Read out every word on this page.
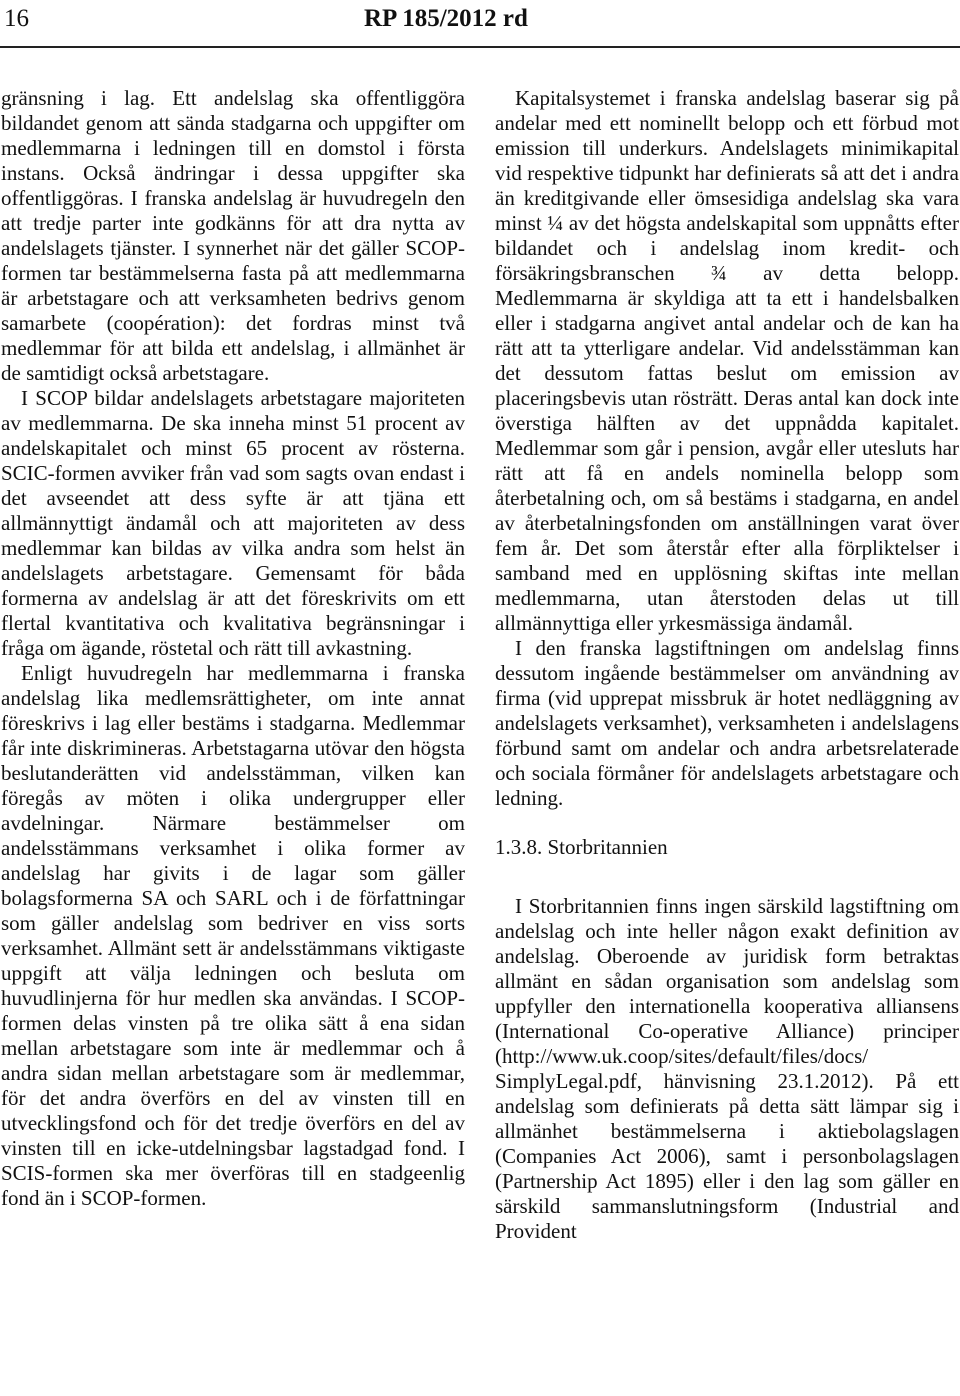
16	RP 185/2012 rd

gränsning i lag. Ett andelslag ska offentliggöra bildandet genom att sända stadgarna och uppgifter om medlemmarna i ledningen till en domstol i första instans. Också ändringar i dessa uppgifter ska offentliggöras. I franska andelslag är huvudregeln den att tredje parter inte godkänns för att dra nytta av andelslagets tjänster. I synnerhet när det gäller SCOP-formen tar bestämmelserna fasta på att medlemmarna är arbetstagare och att verksamheten bedrivs genom samarbete (coopération): det fordras minst två medlemmar för att bilda ett andelslag, i allmänhet är de samtidigt också arbetstagare.

I SCOP bildar andelslagets arbetstagare majoriteten av medlemmarna. De ska inneha minst 51 procent av andelskapitalet och minst 65 procent av rösterna. SCIC-formen avviker från vad som sagts ovan endast i det avseendet att dess syfte är att tjäna ett allmännyttigt ändamål och att majoriteten av dess medlemmar kan bildas av vilka andra som helst än andelslagets arbetstagare. Gemensamt för båda formerna av andelslag är att det föreskrivits om ett flertal kvantitativa och kvalitativa begränsningar i fråga om ägande, röstetal och rätt till avkastning.

Enligt huvudregeln har medlemmarna i franska andelslag lika medlemsrättigheter, om inte annat föreskrivs i lag eller bestäms i stadgarna. Medlemmar får inte diskrimineras. Arbetstagarna utövar den högsta beslutanderätten vid andelsstämman, vilken kan föregås av möten i olika undergrupper eller avdelningar. Närmare bestämmelser om andelsstämmans verksamhet i olika former av andelslag har givits i de lagar som gäller bolagsformerna SA och SARL och i de författningar som gäller andelslag som bedriver en viss sorts verksamhet. Allmänt sett är andelsstämmans viktigaste uppgift att välja ledningen och besluta om huvudlinjerna för hur medlen ska användas. I SCOP-formen delas vinsten på tre olika sätt å ena sidan mellan arbetstagare som inte är medlemmar och å andra sidan mellan arbetstagare som är medlemmar, för det andra överförs en del av vinsten till en utvecklingsfond och för det tredje överförs en del av vinsten till en icke-utdelningsbar lagstadgad fond. I SCIS-formen ska mer överföras till en stadgeenlig fond än i SCOP-formen.

Kapitalsystemet i franska andelslag baserar sig på andelar med ett nominellt belopp och ett förbud mot emission till underkurs. Andelslagets minimikapital vid respektive tidpunkt har definierats så att det i andra än kreditgivande eller ömsesidiga andelslag ska vara minst ¼ av det högsta andelskapital som uppnåtts efter bildandet och i andelslag inom kredit- och försäkringsbranschen ¾ av detta belopp. Medlemmarna är skyldiga att ta ett i handelsbalken eller i stadgarna angivet antal andelar och de kan ha rätt att ta ytterligare andelar. Vid andelsstämman kan det dessutom fattas beslut om emission av placeringsbevis utan rösträtt. Deras antal kan dock inte överstiga hälften av det uppnådda kapitalet. Medlemmar som går i pension, avgår eller utesluts har rätt att få en andels nominella belopp som återbetalning och, om så bestäms i stadgarna, en andel av återbetalningsfonden om anställningen varat över fem år. Det som återstår efter alla förpliktelser i samband med en upplösning skiftas inte mellan medlemmarna, utan återstoden delas ut till allmännyttiga eller yrkesmässiga ändamål.

I den franska lagstiftningen om andelslag finns dessutom ingående bestämmelser om användning av firma (vid upprepat missbruk är hotet nedläggning av andelslagets verksamhet), verksamheten i andelslagens förbund samt om andelar och andra arbetsrelaterade och sociala förmåner för andelslagets arbetstagare och ledning.

1.3.8. Storbritannien

I Storbritannien finns ingen särskild lagstiftning om andelslag och inte heller någon exakt definition av andelslag. Oberoende av juridisk form betraktas allmänt en sådan organisation som andelslag som uppfyller den internationella kooperativa alliansens (International Co-operative Alliance) principer (http://www.uk.coop/sites/default/files/docs/ SimplyLegal.pdf, hänvisning 23.1.2012). På ett andelslag som definierats på detta sätt lämpar sig i allmänhet bestämmelserna i aktiebolagslagen (Companies Act 2006), samt i personbolagslagen (Partnership Act 1895) eller i den lag som gäller en särskild sammanslutningsform (Industrial and Provident
